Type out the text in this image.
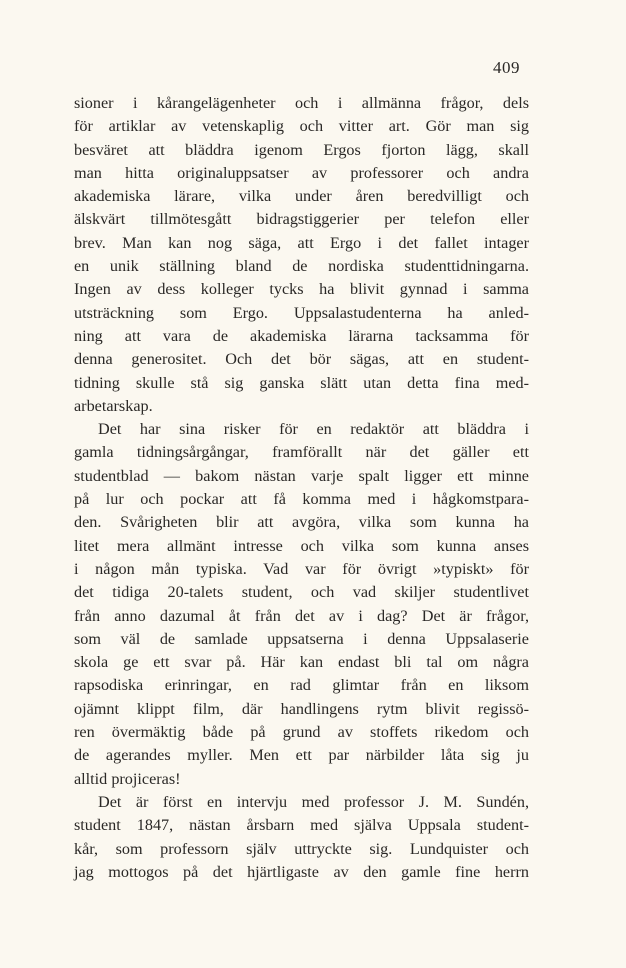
409
sioner i kårangelägenheter och i allmänna frågor, dels
för artiklar av vetenskaplig och vitter art. Gör man sig
besväret att bläddra igenom Ergos fjorton lägg, skall
man hitta originaluppsatser av professorer och andra
akademiska lärare, vilka under åren beredvilligt och
älskvärt tillmötesgått bidragstiggerier per telefon eller
brev. Man kan nog säga, att Ergo i det fallet intager
en unik ställning bland de nordiska studenttidningarna.
Ingen av dess kolleger tycks ha blivit gynnad i samma
utsträckning som Ergo. Uppsalastudenterna ha anled-
ning att vara de akademiska lärarna tacksamma för
denna generositet. Och det bör sägas, att en student-
tidning skulle stå sig ganska slätt utan detta fina med-
arbetarskap.
Det har sina risker för en redaktör att bläddra i
gamla tidningsårgångar, framförallt när det gäller ett
studentblad — bakom nästan varje spalt ligger ett minne
på lur och pockar att få komma med i hågkomstpara-
den. Svårigheten blir att avgöra, vilka som kunna ha
litet mera allmänt intresse och vilka som kunna anses
i någon mån typiska. Vad var för övrigt »typiskt» för
det tidiga 20-talets student, och vad skiljer studentlivet
från anno dazumal åt från det av i dag? Det är frågor,
som väl de samlade uppsatserna i denna Uppsalaserie
skola ge ett svar på. Här kan endast bli tal om några
rapsodiska erinringar, en rad glimtar från en liksom
ojämnt klippt film, där handlingens rytm blivit regissö-
ren övermäktig både på grund av stoffets rikedom och
de agerandes myller. Men ett par närbilder låta sig ju
alltid projiceras!
Det är först en intervju med professor J. M. Sundén,
student 1847, nästan årsbarn med själva Uppsala student-
kår, som professorn själv uttryckte sig. Lundquister och
jag mottogos på det hjärtligaste av den gamle fine herrn
